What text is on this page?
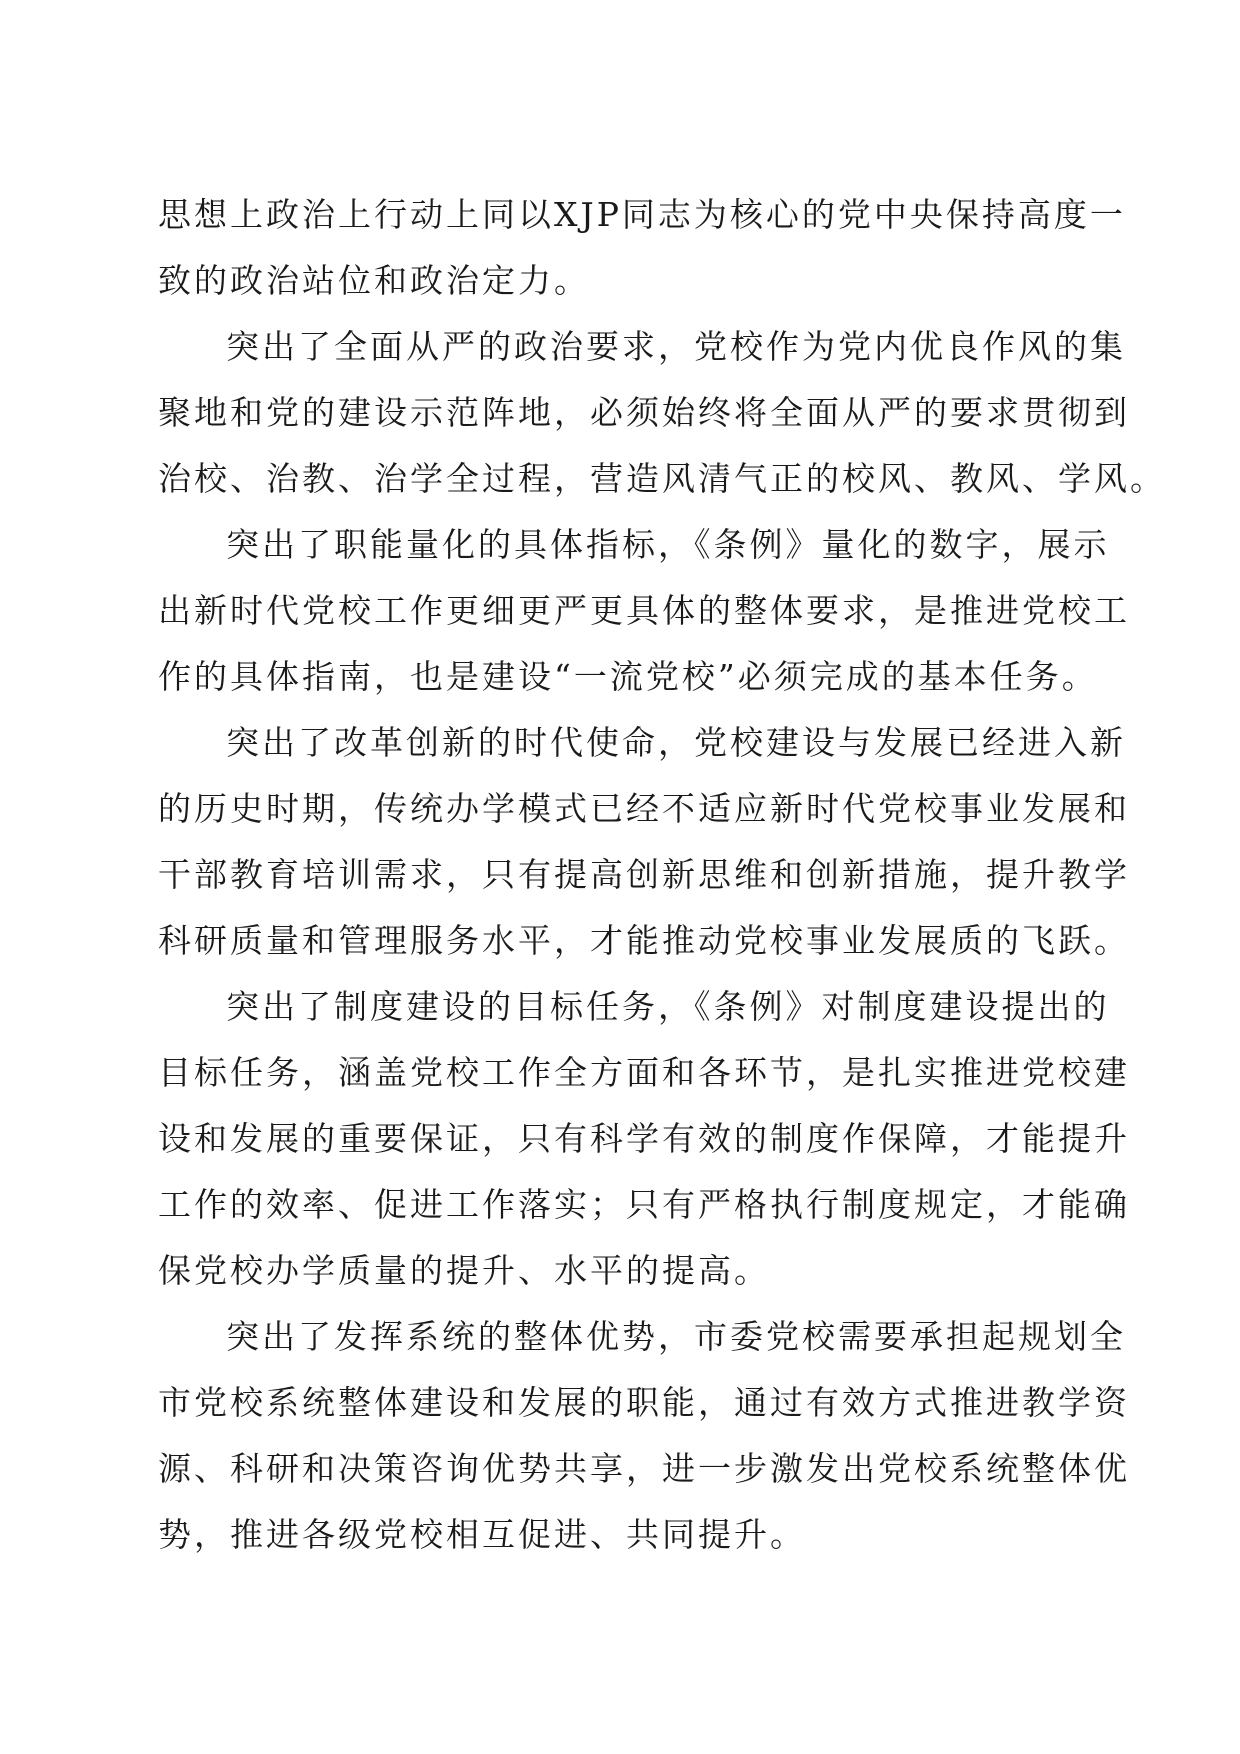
思想上政治上行动上同以XJP同志为核心的党中央保持高度一
致的政治站位和政治定力。
突出了全面从严的政治要求，党校作为党内优良作风的集
聚地和党的建设示范阵地，必须始终将全面从严的要求贯彻到
治校、治教、治学全过程，营造风清气正的校风、教风、学风。
突出了职能量化的具体指标，《条例》量化的数字，展示
出新时代党校工作更细更严更具体的整体要求，是推进党校工
作的具体指南，也是建设“一流党校”必须完成的基本任务。
突出了改革创新的时代使命，党校建设与发展已经进入新
的历史时期，传统办学模式已经不适应新时代党校事业发展和
干部教育培训需求，只有提高创新思维和创新措施，提升教学
科研质量和管理服务水平，才能推动党校事业发展质的飞跃。
突出了制度建设的目标任务，《条例》对制度建设提出的
目标任务，涵盖党校工作全方面和各环节，是扎实推进党校建
设和发展的重要保证，只有科学有效的制度作保障，才能提升
工作的效率、促进工作落实；只有严格执行制度规定，才能确
保党校办学质量的提升、水平的提高。
突出了发挥系统的整体优势，市委党校需要承担起规划全
市党校系统整体建设和发展的职能，通过有效方式推进教学资
源、科研和决策咨询优势共享，进一步激发出党校系统整体优
势，推进各级党校相互促进、共同提升。
